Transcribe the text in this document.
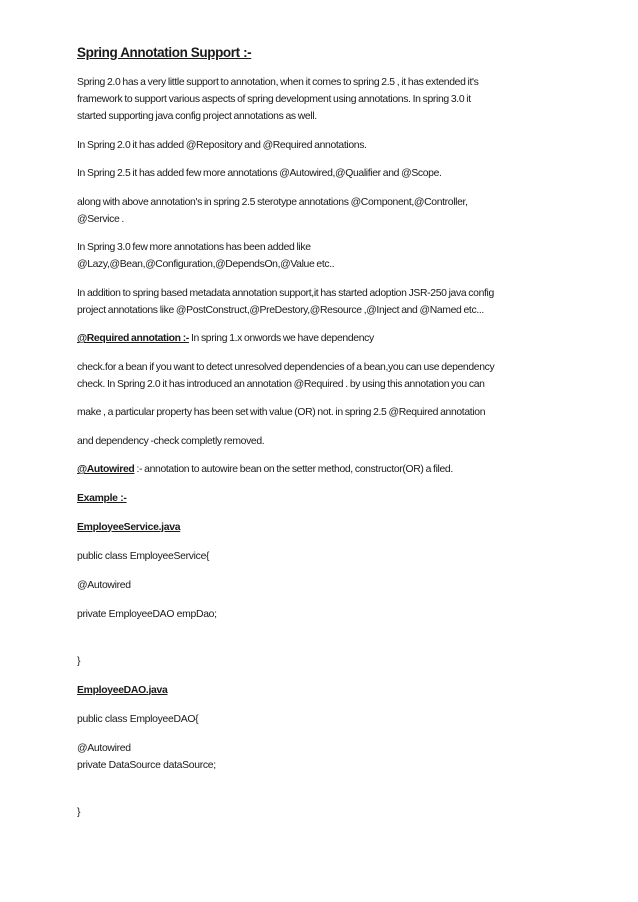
Spring Annotation Support :-
Spring 2.0 has a very little support to annotation, when it comes to spring 2.5 , it has extended it's
framework to support various aspects of spring development using annotations. In spring 3.0 it
started supporting java config project annotations as well.
In Spring 2.0 it has added @Repository and @Required annotations.
In Spring 2.5 it has added few more annotations @Autowired,@Qualifier and @Scope.
along with above annotation's in spring 2.5 sterotype annotations @Component,@Controller,
@Service .
In Spring 3.0 few more annotations has been added like
@Lazy,@Bean,@Configuration,@DependsOn,@Value etc..
In addition to spring based metadata annotation support,it has started adoption JSR-250 java config
project annotations like @PostConstruct,@PreDestory,@Resource ,@Inject and @Named etc...
@Required annotation :- In spring 1.x onwords we have dependency
check.for a bean if you want to detect unresolved dependencies of a bean,you can use dependency
check. In Spring 2.0 it has introduced an annotation @Required . by using this annotation you can
make , a particular property has been set with value (OR) not. in spring 2.5 @Required annotation
and dependency -check completly removed.
@Autowired :- annotation to autowire bean on the setter method, constructor(OR) a filed.
Example :-
EmployeeService.java
public class EmployeeService{
@Autowired
private EmployeeDAO empDao;
}
EmployeeDAO.java
public class EmployeeDAO{
@Autowired
private DataSource dataSource;
}
